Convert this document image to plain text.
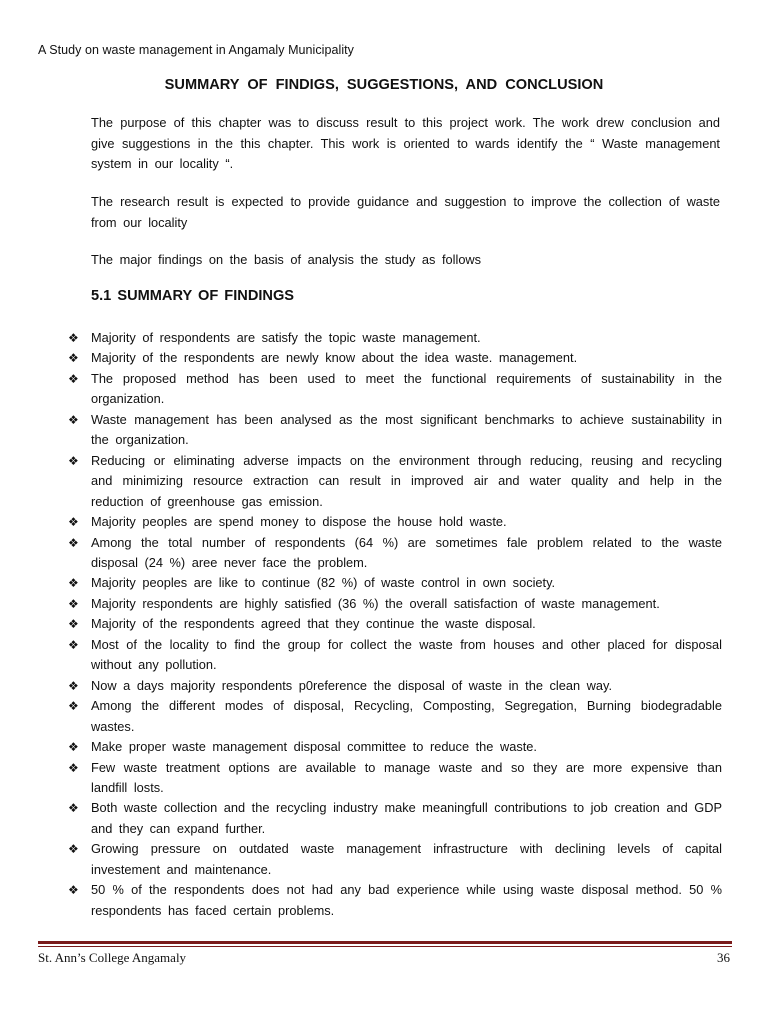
A Study on waste management in Angamaly Municipality
SUMMARY OF FINDIGS, SUGGESTIONS, AND CONCLUSION

The purpose of this chapter was to discuss result to this project work. The work drew conclusion and give suggestions in the this chapter. This work is oriented to wards identify the “ Waste management system in our locality “.

The research result is expected to provide guidance and suggestion to improve the collection of waste from our locality

The major findings on the basis of analysis the study as follows

5.1 SUMMARY OF FINDINGS
❖ Majority of respondents are satisfy the topic waste management.
❖ Majority of the respondents are newly know about the idea waste. management.
❖ The proposed method has been used to meet the functional requirements of sustainability in the organization.
❖ Waste management has been analysed as the most significant benchmarks to achieve sustainability in the organization.
❖ Reducing or eliminating adverse impacts on the environment through reducing, reusing and recycling and minimizing resource extraction can result in improved air and water quality and help in the reduction of greenhouse gas emission.
❖ Majority peoples are spend money to dispose the house hold waste.
❖ Among the total number of respondents (64 %) are sometimes fale problem related to the waste disposal (24 %) aree never face the problem.
❖ Majority peoples are like to continue (82 %) of waste control in own society.
❖ Majority respondents are highly satisfied (36 %) the overall satisfaction of waste management.
❖ Majority of the respondents agreed that they continue the waste disposal.
❖ Most of the locality to find the group for collect the waste from houses and other placed for disposal without any pollution.
❖ Now a days majority respondents p0reference the disposal of waste in the clean way.
❖ Among the different modes of disposal, Recycling, Composting, Segregation, Burning biodegradable wastes.
❖ Make proper waste management disposal committee to reduce the waste.
❖ Few waste treatment options are available to manage waste and so they are more expensive than landfill losts.
❖ Both waste collection and the recycling industry make meaningfull contributions to job creation and GDP and they can expand further.
❖ Growing pressure on outdated waste management infrastructure with declining levels of capital investement and maintenance.
❖ 50 % of the respondents does not had any bad experience while using waste disposal method. 50 % respondents has faced certain problems.
St. Ann’s College Angamaly	36
